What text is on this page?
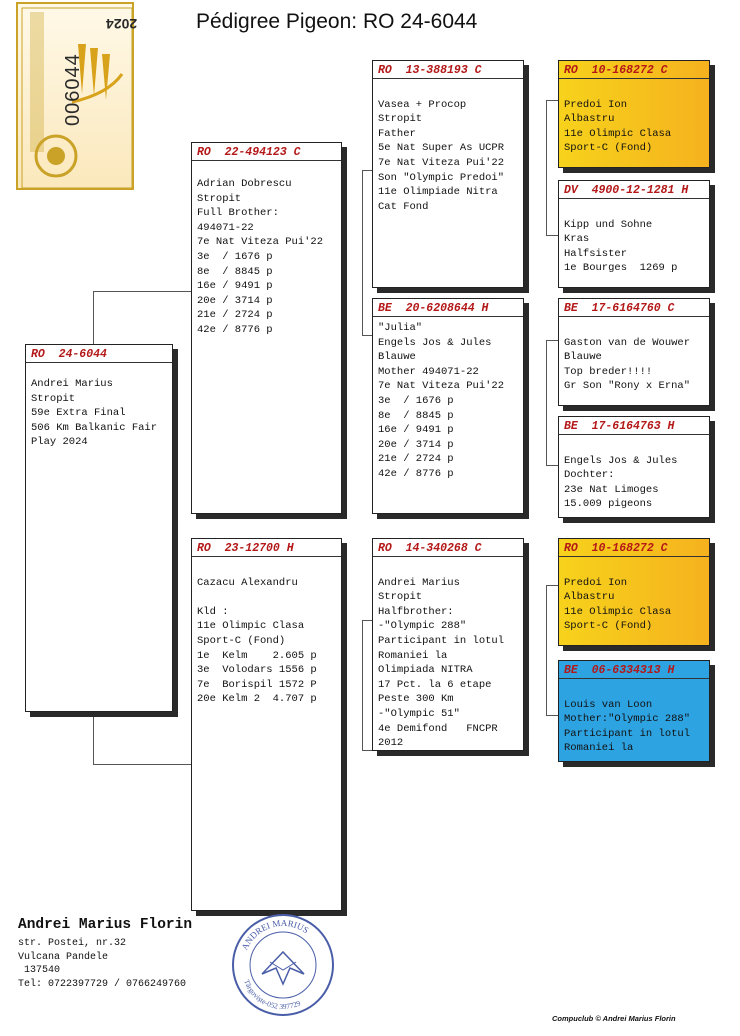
Pédigree Pigeon: RO 24-6044
2024
006044
RO  24-6044
Andrei Marius
Stropit
59e Extra Final
506 Km Balkanic Fair
Play 2024
RO  22-494123 C
Adrian Dobrescu
Stropit
Full Brother:
494071-22
7e Nat Viteza Pui'22
3e  / 1676 p
8e  / 8845 p
16e / 9491 p
20e / 3714 p
21e / 2724 p
42e / 8776 p
RO  23-12700 H

Cazacu Alexandru

Kld :
11e Olimpic Clasa
Sport-C (Fond)
1e  Kelm    2.605 p
3e  Volodars 1556 p
7e  Borispil 1572 P
20e Kelm 2  4.707 p
RO  13-388193 C

Vasea + Procop
Stropit
Father
5e Nat Super As UCPR
7e Nat Viteza Pui'22
Son "Olympic Predoi"
11e Olimpiade Nitra
Cat Fond
BE  20-6208644 H
"Julia"
Engels Jos & Jules
Blauwe
Mother 494071-22
7e Nat Viteza Pui'22
3e  / 1676 p
8e  / 8845 p
16e / 9491 p
20e / 3714 p
21e / 2724 p
42e / 8776 p
RO  14-340268 C

Andrei Marius
Stropit
Halfbrother:
-"Olympic 288"
Participant in lotul
Romaniei la
Olimpiada NITRA
17 Pct. la 6 etape
Peste 300 Km
-"Olympic 51"
4e Demifond   FNCPR
2012
RO  10-168272 C

Predoi Ion
Albastru
11e Olimpic Clasa
Sport-C (Fond)
DV  4900-12-1281 H

Kipp und Sohne
Kras
Halfsister
1e Bourges  1269 p
BE  17-6164760 C

Gaston van de Wouwer
Blauwe
Top breder!!!!
Gr Son "Rony x Erna"
BE  17-6164763 H

Engels Jos & Jules
Dochter:
23e Nat Limoges
15.009 pigeons
RO  10-168272 C

Predoi Ion
Albastru
11e Olimpic Clasa
Sport-C (Fond)
BE  06-6334313 H

Louis van Loon
Mother:"Olympic 288"
Participant in lotul
Romaniei la
Andrei Marius Florin
str. Postei, nr.32
Vulcana Pandele
137540
Tel: 0722397729 / 0766249760
ANDREI MARIUS
Târgoviște-052 397729
Compuclub © Andrei Marius Florin
